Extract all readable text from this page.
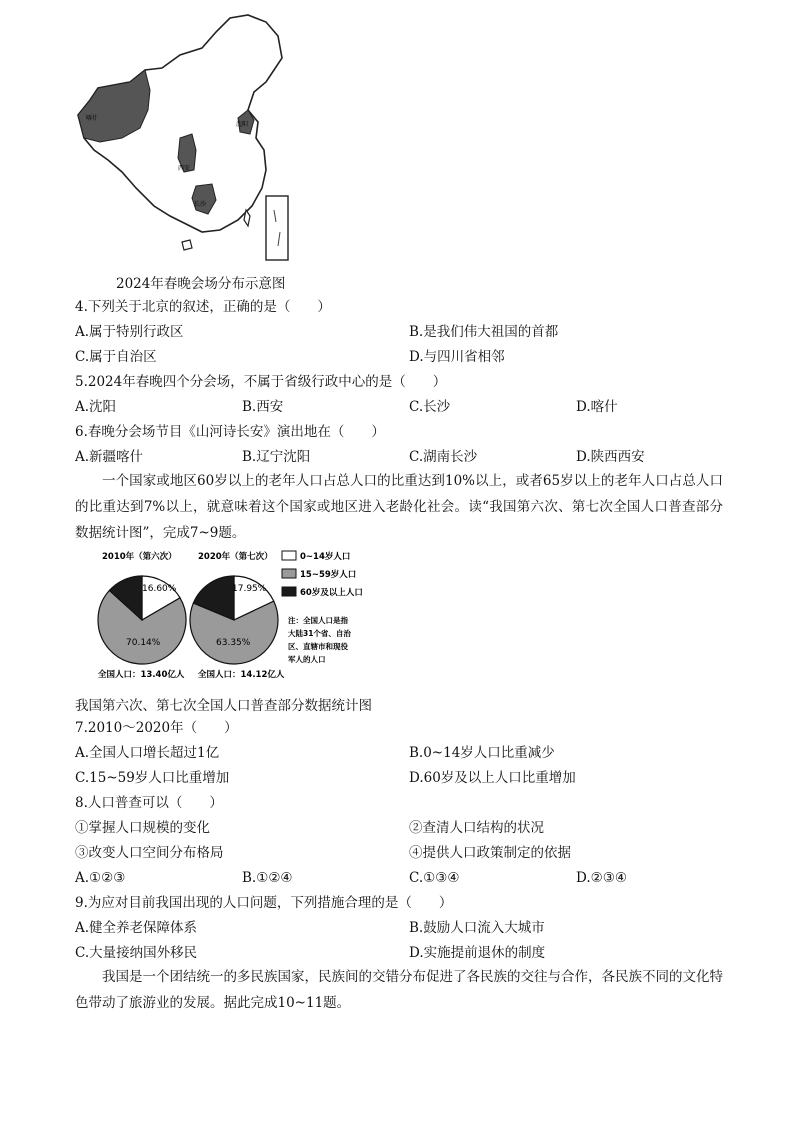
喀什
沈阳
西安
长沙
2024年春晚会场分布示意图
4.下列关于北京的叙述，正确的是（　　）
A.属于特别行政区	B.是我们伟大祖国的首都
C.属于自治区	D.与四川省相邻
5.2024年春晚四个分会场，不属于省级行政中心的是（　　）
A.沈阳	B.西安	C.长沙	D.喀什
6.春晚分会场节目《山河诗长安》演出地在（　　）
A.新疆喀什	B.辽宁沈阳	C.湖南长沙	D.陕西西安
一个国家或地区60岁以上的老年人口占总人口的比重达到10%以上，或者65岁以上的老年人口占总人口的比重达到7%以上，就意味着这个国家或地区进入老龄化社会。读“我国第六次、第七次全国人口普查部分数据统计图”，完成7~9题。
2010年（第六次）	2020年（第七次）
16.60%
70.14%
17.95%
63.35%
全国人口：13.40亿人 全国人口：14.12亿人
0~14岁人口
15~59岁人口
60岁及以上人口
注：全国人口是指
大陆31个省、自治
区、直辖市和现役
军人的人口
我国第六次、第七次全国人口普查部分数据统计图
7.2010～2020年（　　）
A.全国人口增长超过1亿	B.0~14岁人口比重减少
C.15~59岁人口比重增加	D.60岁及以上人口比重增加
8.人口普查可以（　　）
①掌握人口规模的变化	②查清人口结构的状况
③改变人口空间分布格局	④提供人口政策制定的依据
A.①②③	B.①②④	C.①③④	D.②③④
9.为应对目前我国出现的人口问题，下列措施合理的是（　　）
A.健全养老保障体系	B.鼓励人口流入大城市
C.大量接纳国外移民	D.实施提前退休的制度
我国是一个团结统一的多民族国家，民族间的交错分布促进了各民族的交往与合作，各民族不同的文化特色带动了旅游业的发展。据此完成10~11题。
